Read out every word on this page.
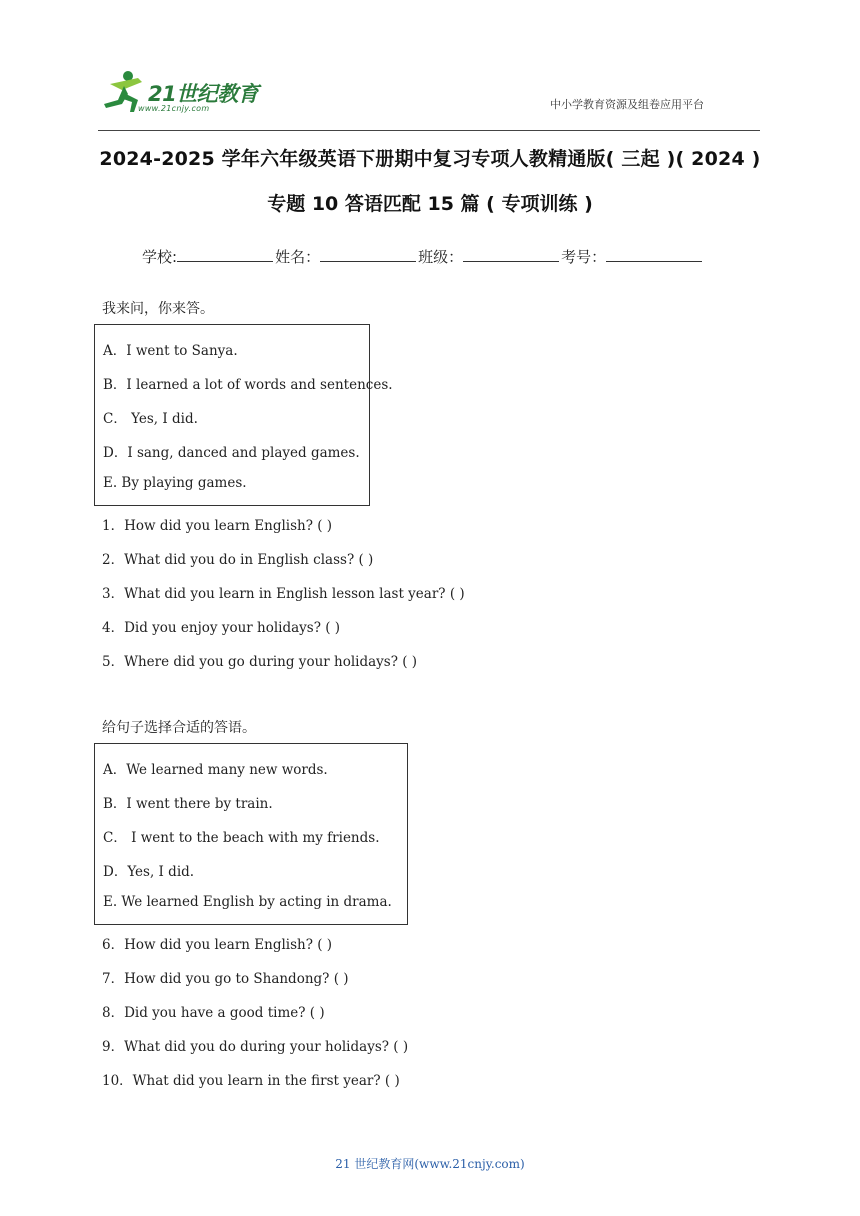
21世纪教育
www.21cnjy.com	中小学教育资源及组卷应用平台
2024-2025 学年六年级英语下册期中复习专项人教精通版( 三起 )( 2024 )
专题 10 答语匹配 15 篇 ( 专项训练 )
学校:	姓名：	班级：	考号：
我来问，你来答。
A．I went to Sanya.
B．I learned a lot of words and sentences.
C． Yes, I did.
D．I sang, danced and played games.
E. By playing games.
1．How did you learn English? ( )
2．What did you do in English class? ( )
3．What did you learn in English lesson last year? ( )
4．Did you enjoy your holidays? ( )
5．Where did you go during your holidays? ( )
给句子选择合适的答语。
A．We learned many new words.
B．I went there by train.
C． I went to the beach with my friends.
D．Yes, I did.
E. We learned English by acting in drama.
6．How did you learn English? ( )
7．How did you go to Shandong? ( )
8．Did you have a good time? ( )
9．What did you do during your holidays? ( )
10．What did you learn in the first year? ( )
21 世纪教育网(www.21cnjy.com)
